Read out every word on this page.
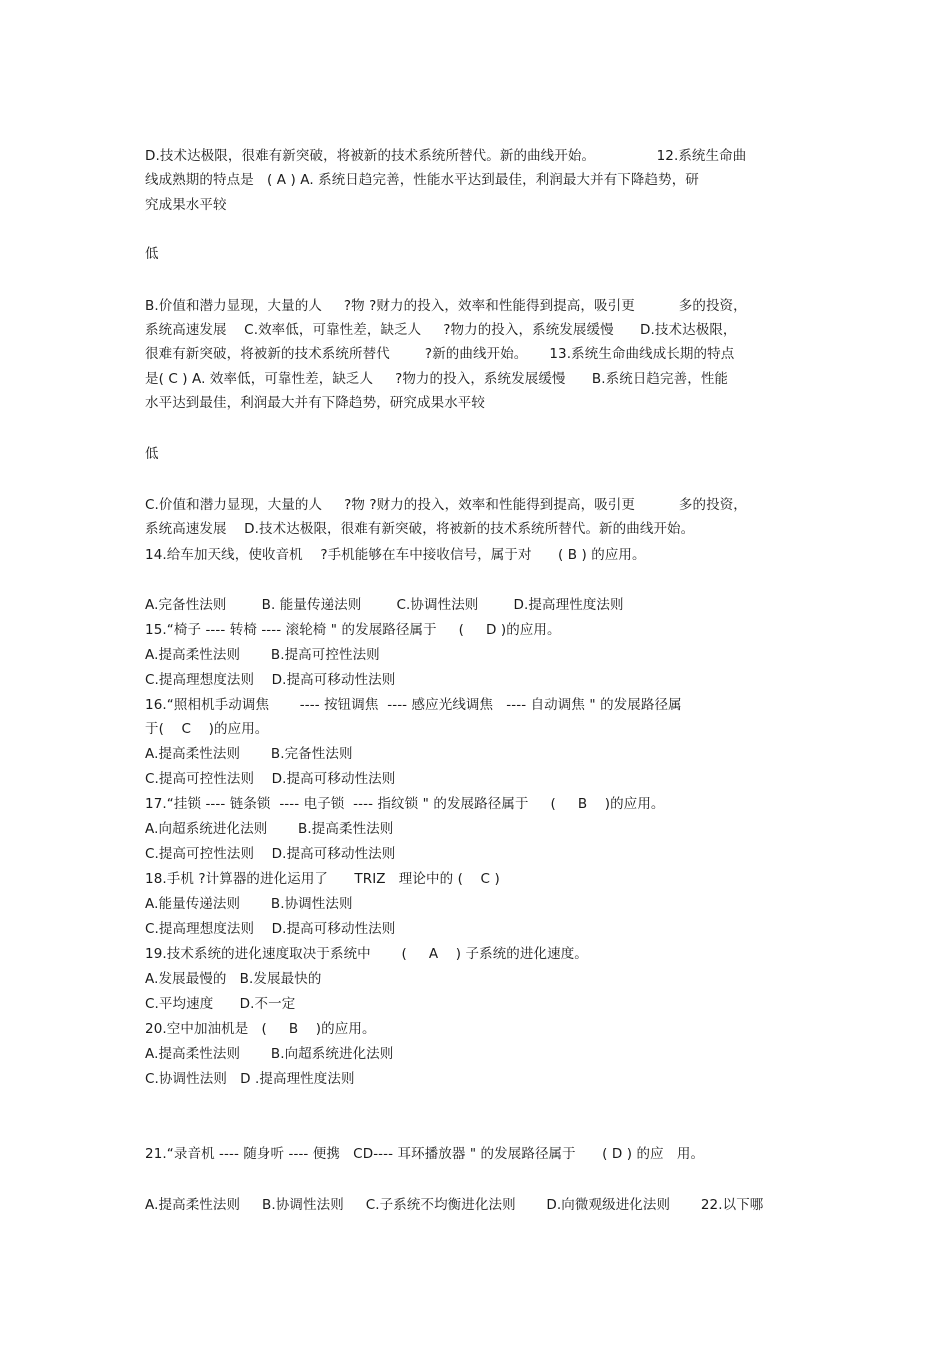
D.技术达极限，很难有新突破，将被新的技术系统所替代。新的曲线开始。              12.系统生命曲

线成熟期的特点是   ( A ) A. 系统日趋完善，性能水平达到最佳，利润最大并有下降趋势，研

究成果水平较

低

B.价值和潜力显现，大量的人     ?物 ?财力的投入，效率和性能得到提高，吸引更          多的投资，

系统高速发展    C.效率低，可靠性差，缺乏人     ?物力的投入，系统发展缓慢      D.技术达极限，

很难有新突破，将被新的技术系统所替代        ?新的曲线开始。     13.系统生命曲线成长期的特点

是( C ) A. 效率低，可靠性差，缺乏人     ?物力的投入，系统发展缓慢      B.系统日趋完善，性能

水平达到最佳，利润最大并有下降趋势，研究成果水平较

低

C.价值和潜力显现，大量的人     ?物 ?财力的投入，效率和性能得到提高，吸引更          多的投资，

系统高速发展    D.技术达极限，很难有新突破，将被新的技术系统所替代。新的曲线开始。

14.给车加天线，使收音机    ?手机能够在车中接收信号，属于对      ( B ) 的应用。

A.完备性法则        B. 能量传递法则        C.协调性法则        D.提高理性度法则

15.“椅子 ---- 转椅 ---- 滚轮椅 " 的发展路径属于     (     D )的应用。

A.提高柔性法则       B.提高可控性法则

C.提高理想度法则    D.提高可移动性法则

16.“照相机手动调焦       ---- 按钮调焦  ---- 感应光线调焦   ---- 自动调焦 " 的发展路径属

于(    C    )的应用。

A.提高柔性法则       B.完备性法则

C.提高可控性法则    D.提高可移动性法则

17.“挂锁 ---- 链条锁  ---- 电子锁  ---- 指纹锁 " 的发展路径属于     (     B    )的应用。

A.向超系统进化法则       B.提高柔性法则

C.提高可控性法则    D.提高可移动性法则

18.手机 ?计算器的进化运用了      TRIZ   理论中的 (    C )

A.能量传递法则       B.协调性法则

C.提高理想度法则    D.提高可移动性法则

19.技术系统的进化速度取决于系统中       (     A    ) 子系统的进化速度。

A.发展最慢的   B.发展最快的

C.平均速度      D.不一定

20.空中加油机是   (     B    )的应用。

A.提高柔性法则       B.向超系统进化法则

C.协调性法则   D .提高理性度法则

21.“录音机 ---- 随身听 ---- 便携   CD---- 耳环播放器 " 的发展路径属于      ( D ) 的应   用。

A.提高柔性法则     B.协调性法则     C.子系统不均衡进化法则       D.向微观级进化法则       22.以下哪
